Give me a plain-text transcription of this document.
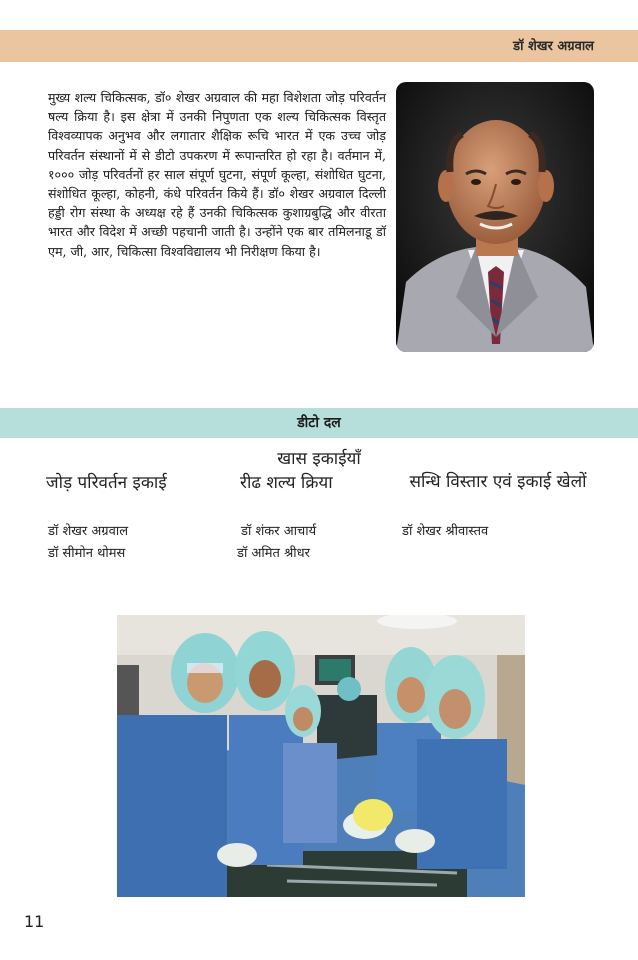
डॉ शेखर अग्रवाल
मुख्य शल्य चिकित्सक, डॉ० शेखर अग्रवाल की महा विशेशता जोड़ परिवर्तन षल्य क्रिया है। इस क्षेत्रा में उनकी निपुणता एक शल्य चिकित्सक विस्तृत विश्वव्यापक अनुभव और लगातार शैक्षिक रूचि भारत में एक उच्च जोड़ परिवर्तन संस्थानों में से डीटो उपकरण में रूपान्तरित हो रहा है। वर्तमान में, १००० जोड़ परिवर्तनों हर साल संपूर्ण घुटना, संपूर्ण कूल्हा, संशोधित घुटना, संशोधित कूल्हा, कोहनी, कंधे परिवर्तन किये हैं। डॉ० शेखर अग्रवाल दिल्ली हड्डी रोग संस्था के अध्यक्ष रहे हैं उनकी चिकित्सक कुशाग्रबुद्धि और वीरता भारत और विदेश में अच्छी पहचानी जाती है। उन्होंने एक बार तमिलनाडू डॉ एम, जी, आर, चिकित्सा विश्वविद्यालय भी निरीक्षण किया है।
डीटो दल
खास इकाईयाँ
जोड़ परिवर्तन इकाई	रीढ शल्य क्रिया	सन्धि विस्तार एवं इकाई खेलों
डॉ शेखर अग्रवाल
डॉ सीमोन थोमस
डॉ शंकर आचार्य
डॉ अमित श्रीधर
डॉ शेखर श्रीवास्तव
11
